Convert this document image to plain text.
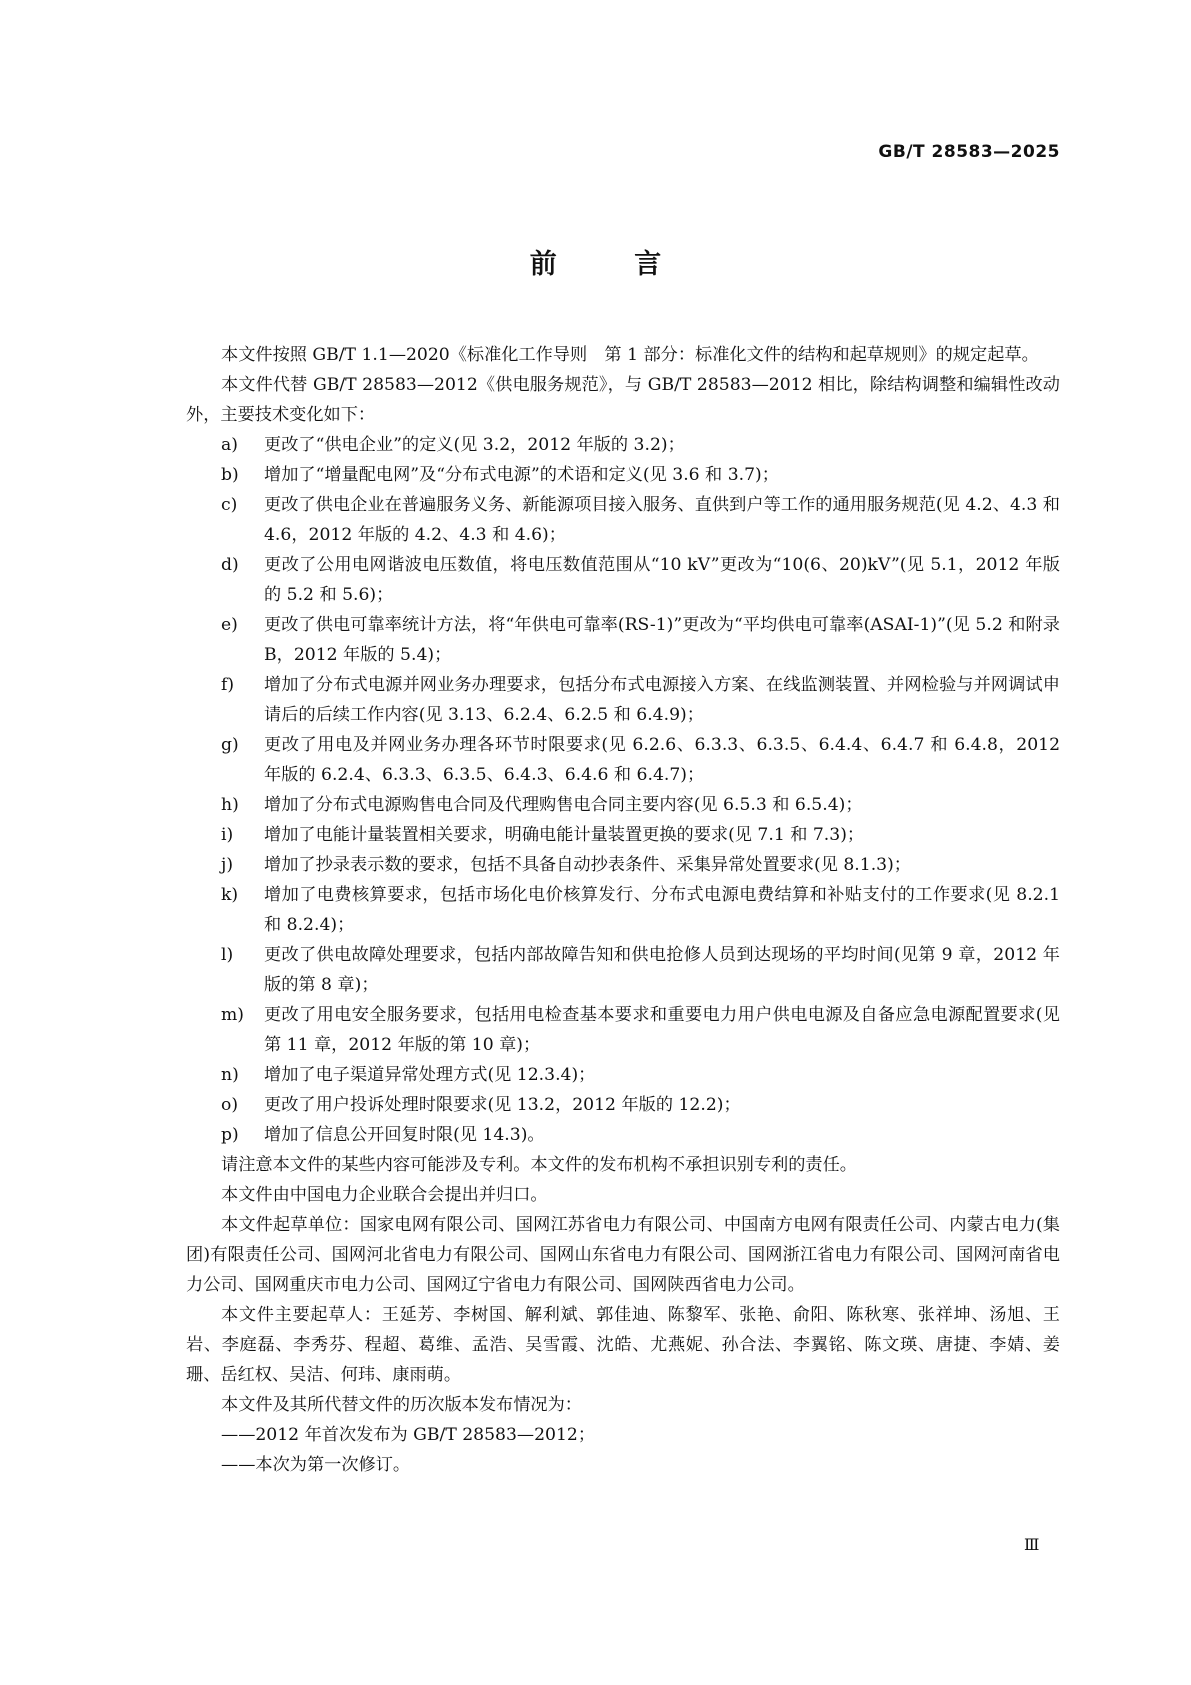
GB/T 28583—2025
前 言

本文件按照 GB/T 1.1—2020《标准化工作导则　第 1 部分：标准化文件的结构和起草规则》的规定起草。

本文件代替 GB/T 28583—2012《供电服务规范》，与 GB/T 28583—2012 相比，除结构调整和编辑性改动外，主要技术变化如下：

a)	更改了“供电企业”的定义(见 3.2，2012 年版的 3.2)；
b)	增加了“增量配电网”及“分布式电源”的术语和定义(见 3.6 和 3.7)；
c)	更改了供电企业在普遍服务义务、新能源项目接入服务、直供到户等工作的通用服务规范(见 4.2、4.3 和 4.6，2012 年版的 4.2、4.3 和 4.6)；
d)	更改了公用电网谐波电压数值，将电压数值范围从“10 kV”更改为“10(6、20)kV”(见 5.1，2012 年版的 5.2 和 5.6)；
e)	更改了供电可靠率统计方法，将“年供电可靠率(RS-1)”更改为“平均供电可靠率(ASAI-1)”(见 5.2 和附录 B，2012 年版的 5.4)；
f)	增加了分布式电源并网业务办理要求，包括分布式电源接入方案、在线监测装置、并网检验与并网调试申请后的后续工作内容(见 3.13、6.2.4、6.2.5 和 6.4.9)；
g)	更改了用电及并网业务办理各环节时限要求(见 6.2.6、6.3.3、6.3.5、6.4.4、6.4.7 和 6.4.8，2012 年版的 6.2.4、6.3.3、6.3.5、6.4.3、6.4.6 和 6.4.7)；
h)	增加了分布式电源购售电合同及代理购售电合同主要内容(见 6.5.3 和 6.5.4)；
i)	增加了电能计量装置相关要求，明确电能计量装置更换的要求(见 7.1 和 7.3)；
j)	增加了抄录表示数的要求，包括不具备自动抄表条件、采集异常处置要求(见 8.1.3)；
k)	增加了电费核算要求，包括市场化电价核算发行、分布式电源电费结算和补贴支付的工作要求(见 8.2.1 和 8.2.4)；
l)	更改了供电故障处理要求，包括内部故障告知和供电抢修人员到达现场的平均时间(见第 9 章，2012 年版的第 8 章)；
m)	更改了用电安全服务要求，包括用电检查基本要求和重要电力用户供电电源及自备应急电源配置要求(见第 11 章，2012 年版的第 10 章)；
n)	增加了电子渠道异常处理方式(见 12.3.4)；
o)	更改了用户投诉处理时限要求(见 13.2，2012 年版的 12.2)；
p)	增加了信息公开回复时限(见 14.3)。

请注意本文件的某些内容可能涉及专利。本文件的发布机构不承担识别专利的责任。

本文件由中国电力企业联合会提出并归口。

本文件起草单位：国家电网有限公司、国网江苏省电力有限公司、中国南方电网有限责任公司、内蒙古电力(集团)有限责任公司、国网河北省电力有限公司、国网山东省电力有限公司、国网浙江省电力有限公司、国网河南省电力公司、国网重庆市电力公司、国网辽宁省电力有限公司、国网陕西省电力公司。

本文件主要起草人：王延芳、李树国、解利斌、郭佳迪、陈黎军、张艳、俞阳、陈秋寒、张祥坤、汤旭、王岩、李庭磊、李秀芬、程超、葛维、孟浩、吴雪霞、沈皓、尤燕妮、孙合法、李翼铭、陈文瑛、唐捷、李婧、姜珊、岳红权、吴洁、何玮、康雨萌。

本文件及其所代替文件的历次版本发布情况为：

——2012 年首次发布为 GB/T 28583—2012；

——本次为第一次修订。

Ⅲ
